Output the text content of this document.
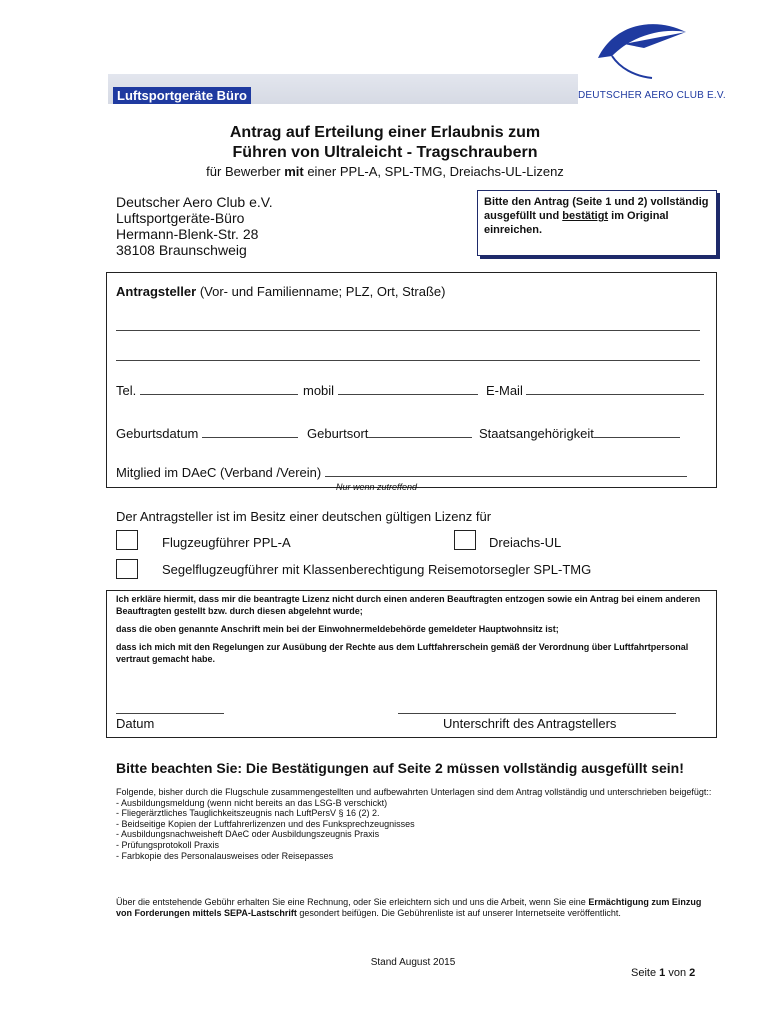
Luftsportgeräte Büro	DEUTSCHER AERO CLUB E.V.
Antrag auf Erteilung einer Erlaubnis zum
Führen von Ultraleicht - Tragschraubern
für Bewerber mit einer PPL-A, SPL-TMG, Dreiachs-UL-Lizenz
Deutscher Aero Club e.V.
Luftsportgeräte-Büro
Hermann-Blenk-Str. 28
38108 Braunschweig
Bitte den Antrag (Seite 1 und 2) vollständig ausgefüllt und bestätigt im Original einreichen.
Antragsteller (Vor- und Familienname; PLZ, Ort, Straße)
Tel.	mobil	E-Mail
Geburtsdatum	Geburtsort	Staatsangehörigkeit
Mitglied im DAeC (Verband /Verein)
Nur wenn zutreffend
Der Antragsteller ist im Besitz einer deutschen gültigen Lizenz für
Flugzeugführer PPL-A	Dreiachs-UL
Segelflugzeugführer mit Klassenberechtigung Reisemotorsegler SPL-TMG
Ich erkläre hiermit, dass mir die beantragte Lizenz nicht durch einen anderen Beauftragten entzogen sowie ein Antrag bei einem anderen Beauftragten gestellt bzw. durch diesen abgelehnt wurde;
dass die oben genannte Anschrift mein bei der Einwohnermeldebehörde gemeldeter Hauptwohnsitz ist;
dass ich mich mit den Regelungen zur Ausübung der Rechte aus dem Luftfahrerschein gemäß der Verordnung über Luftfahrtpersonal vertraut gemacht habe.
Datum	Unterschrift des Antragstellers
Bitte beachten Sie: Die Bestätigungen auf Seite 2 müssen vollständig ausgefüllt sein!
Folgende, bisher durch die Flugschule zusammengestellten und aufbewahrten Unterlagen sind dem Antrag vollständig und unterschrieben beigefügt::
- Ausbildungsmeldung (wenn nicht bereits an das LSG-B verschickt)
- Fliegerärztliches Tauglichkeitszeugnis nach LuftPersV § 16 (2) 2.
- Beidseitige Kopien der Luftfahrerlizenzen und des Funksprechzeugnisses
- Ausbildungsnachweisheft DAeC oder Ausbildungszeugnis Praxis
- Prüfungsprotokoll Praxis
- Farbkopie des Personalausweises oder Reisepasses
Über die entstehende Gebühr erhalten Sie eine Rechnung, oder Sie erleichtern sich und uns die Arbeit, wenn Sie eine Ermächtigung zum Einzug von Forderungen mittels SEPA-Lastschrift gesondert beifügen. Die Gebührenliste ist auf unserer Internetseite veröffentlicht.
Stand August 2015
Seite 1 von 2
